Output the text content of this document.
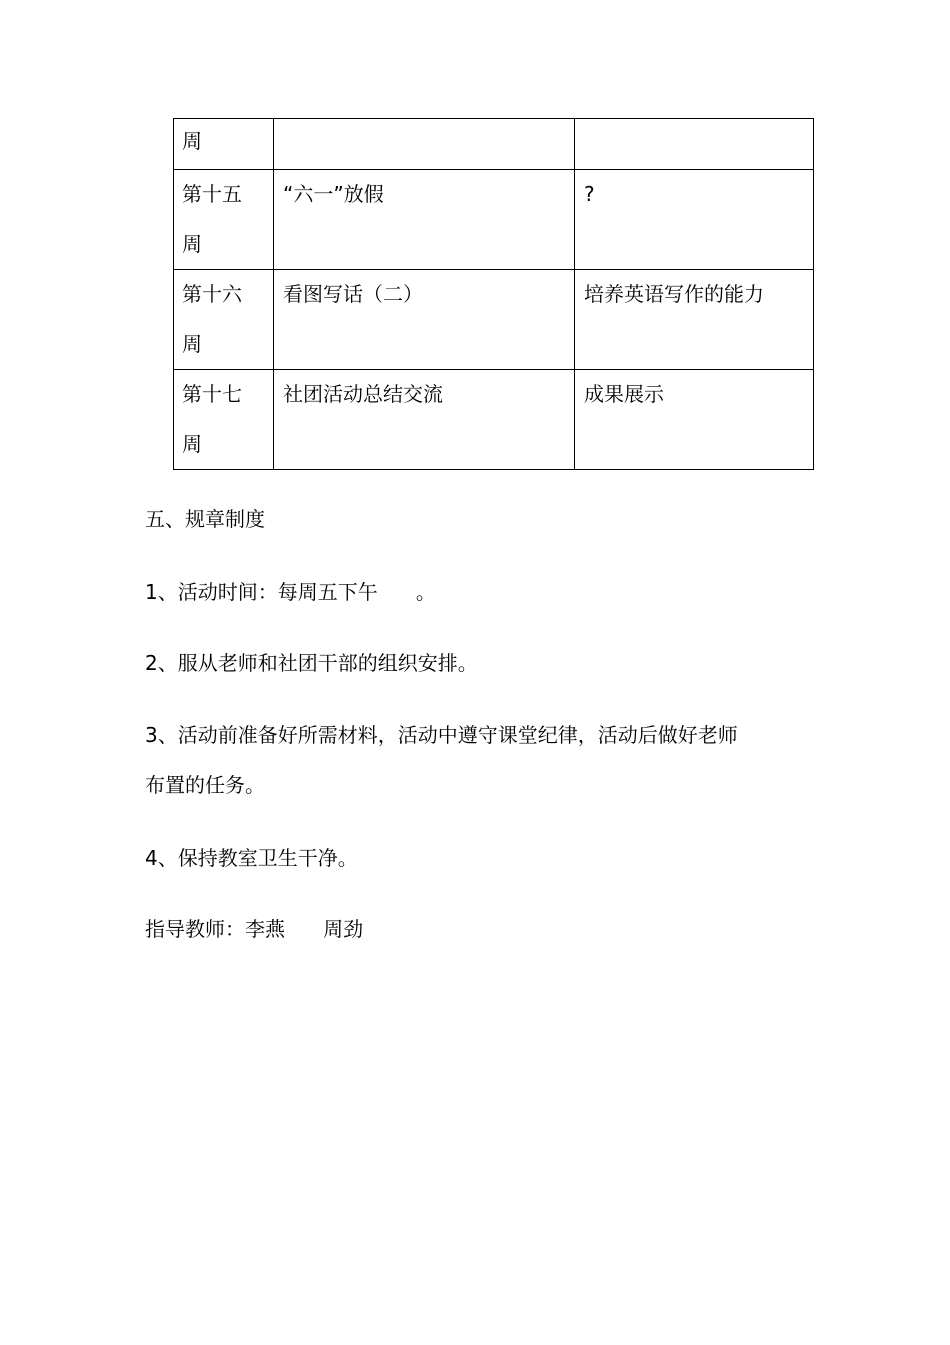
周		

第十五
周	“六一”放假	?

第十六
周	看图写话（二）	培养英语写作的能力

第十七
周	社团活动总结交流	成果展示
五、规章制度
1、活动时间：每周五下午      。
2、服从老师和社团干部的组织安排。
3、活动前准备好所需材料，活动中遵守课堂纪律，活动后做好老师
布置的任务。
4、保持教室卫生干净。
指导教师：李燕      周劲
